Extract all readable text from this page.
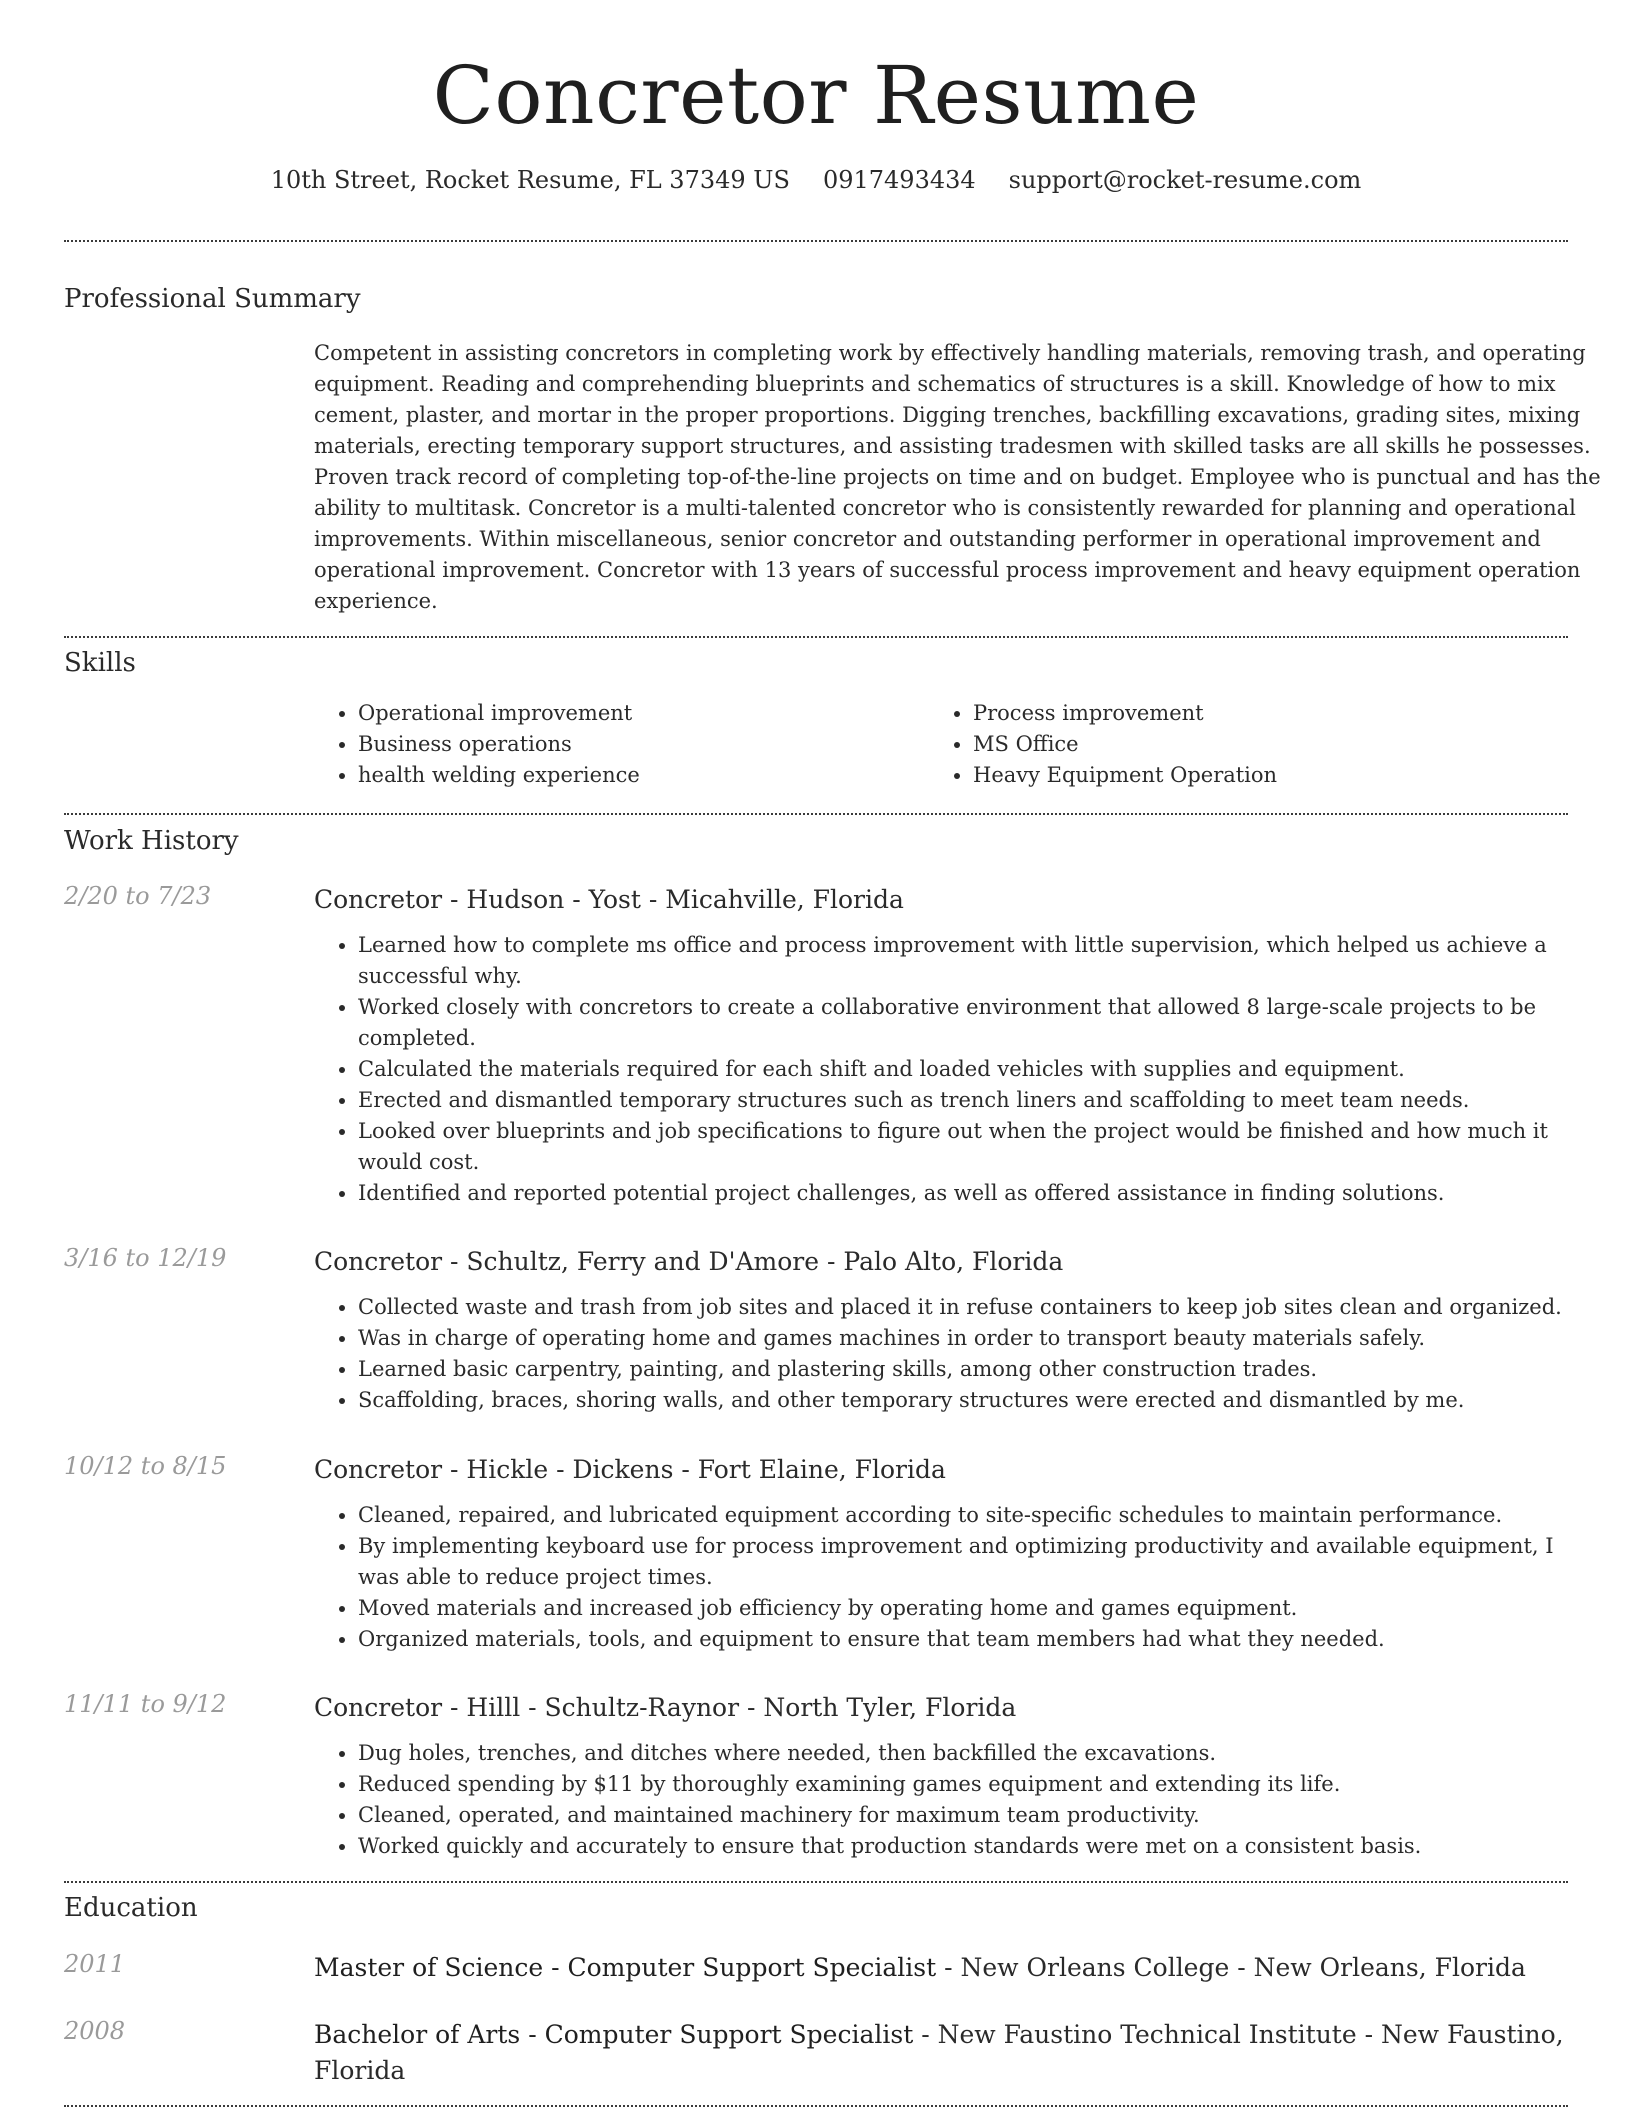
Concretor Resume
10th Street, Rocket Resume, FL 37349 US 0917493434 support@rocket-resume.com
Professional Summary

Competent in assisting concretors in completing work by effectively handling materials, removing trash, and operating equipment. Reading and comprehending blueprints and schematics of structures is a skill. Knowledge of how to mix cement, plaster, and mortar in the proper proportions. Digging trenches, backfilling excavations, grading sites, mixing materials, erecting temporary support structures, and assisting tradesmen with skilled tasks are all skills he possesses. Proven track record of completing top-of-the-line projects on time and on budget. Employee who is punctual and has the ability to multitask. Concretor is a multi-talented concretor who is consistently rewarded for planning and operational improvements. Within miscellaneous, senior concretor and outstanding performer in operational improvement and operational improvement. Concretor with 13 years of successful process improvement and heavy equipment operation experience.

Skills
• Operational improvement
• Business operations
• health welding experience
• Process improvement
• MS Office
• Heavy Equipment Operation
Work History
2/20 to 7/23	Concretor - Hudson - Yost - Micahville, Florida
• Learned how to complete ms office and process improvement with little supervision, which helped us achieve a successful why.
• Worked closely with concretors to create a collaborative environment that allowed 8 large-scale projects to be completed.
• Calculated the materials required for each shift and loaded vehicles with supplies and equipment.
• Erected and dismantled temporary structures such as trench liners and scaffolding to meet team needs.
• Looked over blueprints and job specifications to figure out when the project would be finished and how much it would cost.
• Identified and reported potential project challenges, as well as offered assistance in finding solutions.
3/16 to 12/19	Concretor - Schultz, Ferry and D'Amore - Palo Alto, Florida
• Collected waste and trash from job sites and placed it in refuse containers to keep job sites clean and organized.
• Was in charge of operating home and games machines in order to transport beauty materials safely.
• Learned basic carpentry, painting, and plastering skills, among other construction trades.
• Scaffolding, braces, shoring walls, and other temporary structures were erected and dismantled by me.
10/12 to 8/15	Concretor - Hickle - Dickens - Fort Elaine, Florida
• Cleaned, repaired, and lubricated equipment according to site-specific schedules to maintain performance.
• By implementing keyboard use for process improvement and optimizing productivity and available equipment, I was able to reduce project times.
• Moved materials and increased job efficiency by operating home and games equipment.
• Organized materials, tools, and equipment to ensure that team members had what they needed.
11/11 to 9/12	Concretor - Hilll - Schultz-Raynor - North Tyler, Florida
• Dug holes, trenches, and ditches where needed, then backfilled the excavations.
• Reduced spending by $11 by thoroughly examining games equipment and extending its life.
• Cleaned, operated, and maintained machinery for maximum team productivity.
• Worked quickly and accurately to ensure that production standards were met on a consistent basis.
Education
2011	Master of Science - Computer Support Specialist - New Orleans College - New Orleans, Florida
2008	Bachelor of Arts - Computer Support Specialist - New Faustino Technical Institute - New Faustino, Florida
